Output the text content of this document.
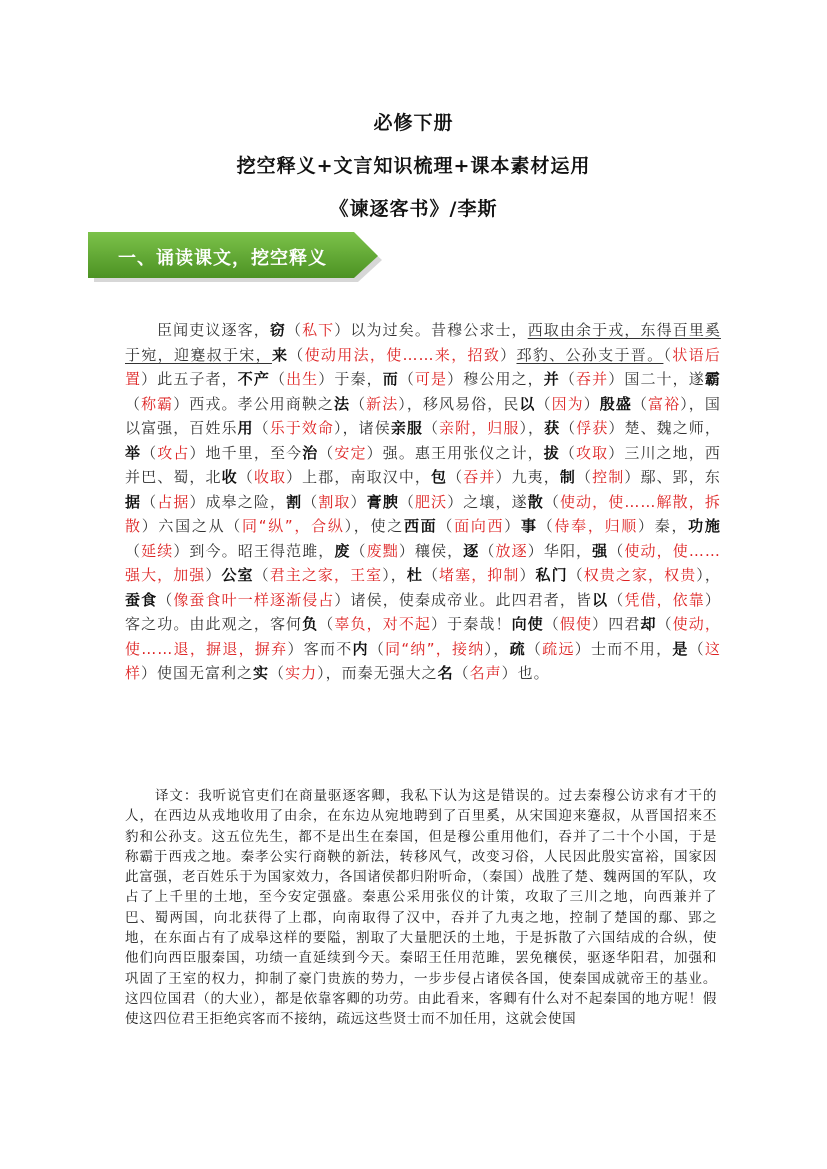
必修下册
挖空释义+文言知识梳理+课本素材运用
《谏逐客书》/李斯
一、诵读课文，挖空释义
臣闻吏议逐客，窃（私下）以为过矣。昔穆公求士，西取由余于戎，东得百里奚于宛，迎蹇叔于宋，来（使动用法，使……来，招致）邳豹、公孙支于晋。（状语后置）此五子者，不产（出生）于秦，而（可是）穆公用之，并（吞并）国二十，遂霸（称霸）西戎。孝公用商鞅之法（新法），移风易俗，民以（因为）殷盛（富裕），国以富强，百姓乐用（乐于效命），诸侯亲服（亲附，归服），获（俘获）楚、魏之师，举（攻占）地千里，至今治（安定）强。惠王用张仪之计，拔（攻取）三川之地，西并巴、蜀，北收（收取）上郡，南取汉中，包（吞并）九夷，制（控制）鄢、郢，东据（占据）成皋之险，割（割取）膏腴（肥沃）之壤，遂散（使动，使……解散，拆散）六国之从（同“纵”，合纵），使之西面（面向西）事（侍奉，归顺）秦，功施（延续）到今。昭王得范雎，废（废黜）穰侯，逐（放逐）华阳，强（使动，使……强大，加强）公室（君主之家，王室），杜（堵塞，抑制）私门（权贵之家，权贵），蚕食（像蚕食叶一样逐渐侵占）诸侯，使秦成帝业。此四君者，皆以（凭借，依靠）客之功。由此观之，客何负（辜负，对不起）于秦哉！向使（假使）四君却（使动，使……退，摒退，摒弃）客而不内（同“纳”，接纳），疏（疏远）士而不用，是（这样）使国无富利之实（实力），而秦无强大之名（名声）也。
译文：我听说官吏们在商量驱逐客卿，我私下认为这是错误的。过去秦穆公访求有才干的人，在西边从戎地收用了由余，在东边从宛地聘到了百里奚，从宋国迎来蹇叔，从晋国招来丕豹和公孙支。这五位先生，都不是出生在秦国，但是穆公重用他们，吞并了二十个小国，于是称霸于西戎之地。秦孝公实行商鞅的新法，转移风气，改变习俗，人民因此殷实富裕，国家因此富强，老百姓乐于为国家效力，各国诸侯都归附听命，（秦国）战胜了楚、魏两国的军队，攻占了上千里的土地，至今安定强盛。秦惠公采用张仪的计策，攻取了三川之地，向西兼并了巴、蜀两国，向北获得了上郡，向南取得了汉中，吞并了九夷之地，控制了楚国的鄢、郢之地，在东面占有了成皋这样的要隘，割取了大量肥沃的土地，于是拆散了六国结成的合纵，使他们向西臣服秦国，功绩一直延续到今天。秦昭王任用范雎，罢免穰侯，驱逐华阳君，加强和巩固了王室的权力，抑制了豪门贵族的势力，一步步侵占诸侯各国，使秦国成就帝王的基业。这四位国君（的大业），都是依靠客卿的功劳。由此看来，客卿有什么对不起秦国的地方呢！假使这四位君王拒绝宾客而不接纳，疏远这些贤士而不加任用，这就会使国
